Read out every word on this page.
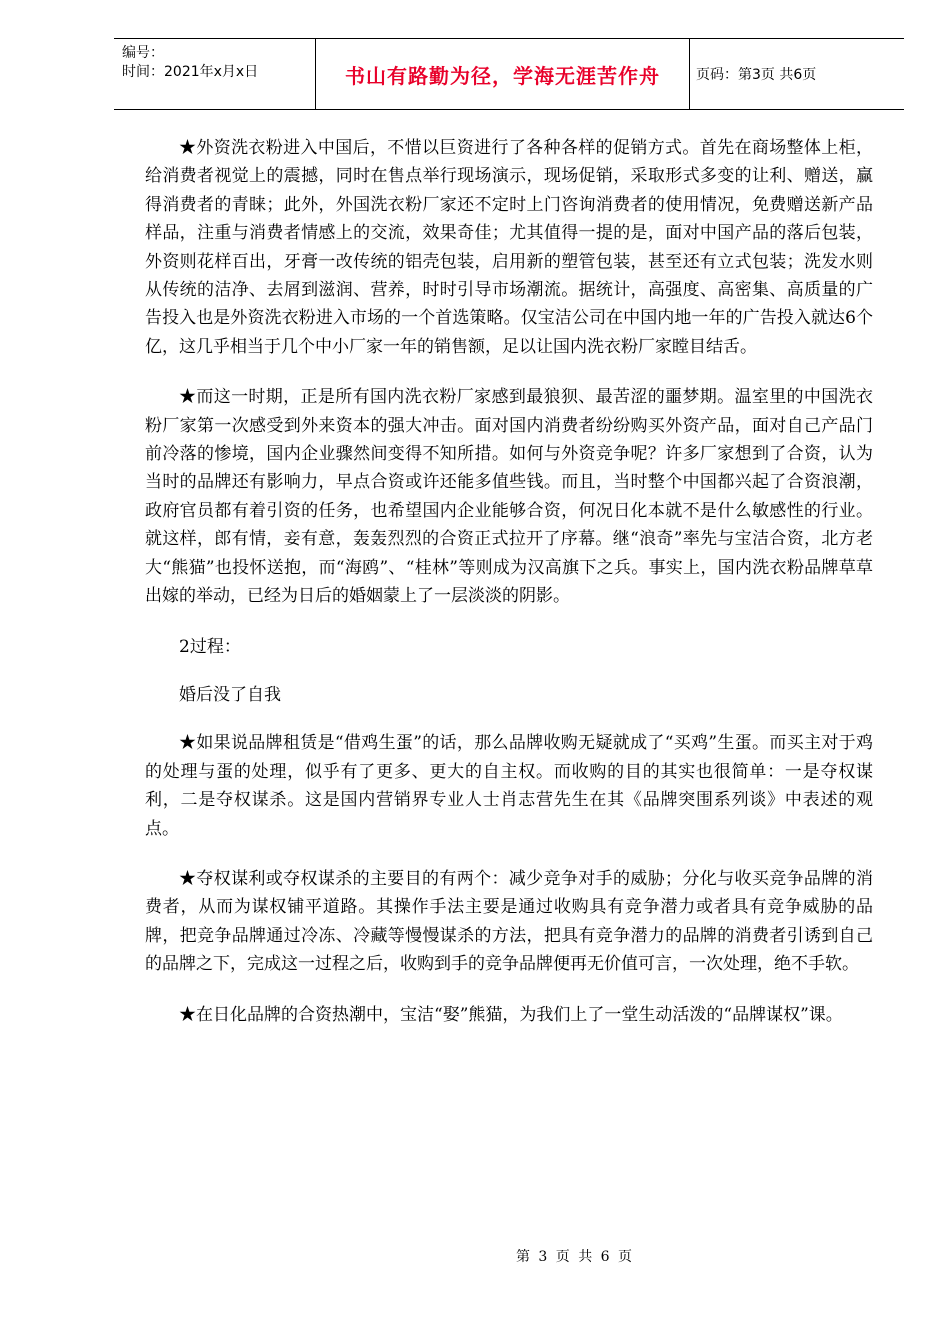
编号：
时间：2021年x月x日	书山有路勤为径，学海无涯苦作舟	页码：第3页 共6页

★外资洗衣粉进入中国后，不惜以巨资进行了各种各样的促销方式。首先在商场整体上柜，给消费者视觉上的震撼，同时在售点举行现场演示，现场促销，采取形式多变的让利、赠送，赢得消费者的青睐；此外，外国洗衣粉厂家还不定时上门咨询消费者的使用情况，免费赠送新产品样品，注重与消费者情感上的交流，效果奇佳；尤其值得一提的是，面对中国产品的落后包装，外资则花样百出，牙膏一改传统的铝壳包装，启用新的塑管包装，甚至还有立式包装；洗发水则从传统的洁净、去屑到滋润、营养，时时引导市场潮流。据统计，高强度、高密集、高质量的广告投入也是外资洗衣粉进入市场的一个首选策略。仅宝洁公司在中国内地一年的广告投入就达6个亿，这几乎相当于几个中小厂家一年的销售额，足以让国内洗衣粉厂家瞠目结舌。

★而这一时期，正是所有国内洗衣粉厂家感到最狼狈、最苦涩的噩梦期。温室里的中国洗衣粉厂家第一次感受到外来资本的强大冲击。面对国内消费者纷纷购买外资产品，面对自己产品门前冷落的惨境，国内企业骤然间变得不知所措。如何与外资竞争呢？许多厂家想到了合资，认为当时的品牌还有影响力，早点合资或许还能多值些钱。而且，当时整个中国都兴起了合资浪潮，政府官员都有着引资的任务，也希望国内企业能够合资，何况日化本就不是什么敏感性的行业。就这样，郎有情，妾有意，轰轰烈烈的合资正式拉开了序幕。继“浪奇”率先与宝洁合资，北方老大“熊猫”也投怀送抱，而“海鸥”、“桂林”等则成为汉高旗下之兵。事实上，国内洗衣粉品牌草草出嫁的举动，已经为日后的婚姻蒙上了一层淡淡的阴影。

2过程：

婚后没了自我

★如果说品牌租赁是“借鸡生蛋”的话，那么品牌收购无疑就成了“买鸡”生蛋。而买主对于鸡的处理与蛋的处理，似乎有了更多、更大的自主权。而收购的目的其实也很简单：一是夺权谋利，二是夺权谋杀。这是国内营销界专业人士肖志营先生在其《品牌突围系列谈》中表述的观点。

★夺权谋利或夺权谋杀的主要目的有两个：减少竞争对手的威胁；分化与收买竞争品牌的消费者，从而为谋权铺平道路。其操作手法主要是通过收购具有竞争潜力或者具有竞争威胁的品牌，把竞争品牌通过冷冻、冷藏等慢慢谋杀的方法，把具有竞争潜力的品牌的消费者引诱到自己的品牌之下，完成这一过程之后，收购到手的竞争品牌便再无价值可言，一次处理，绝不手软。

★在日化品牌的合资热潮中，宝洁“娶”熊猫，为我们上了一堂生动活泼的“品牌谋权”课。

第 3 页 共 6 页
